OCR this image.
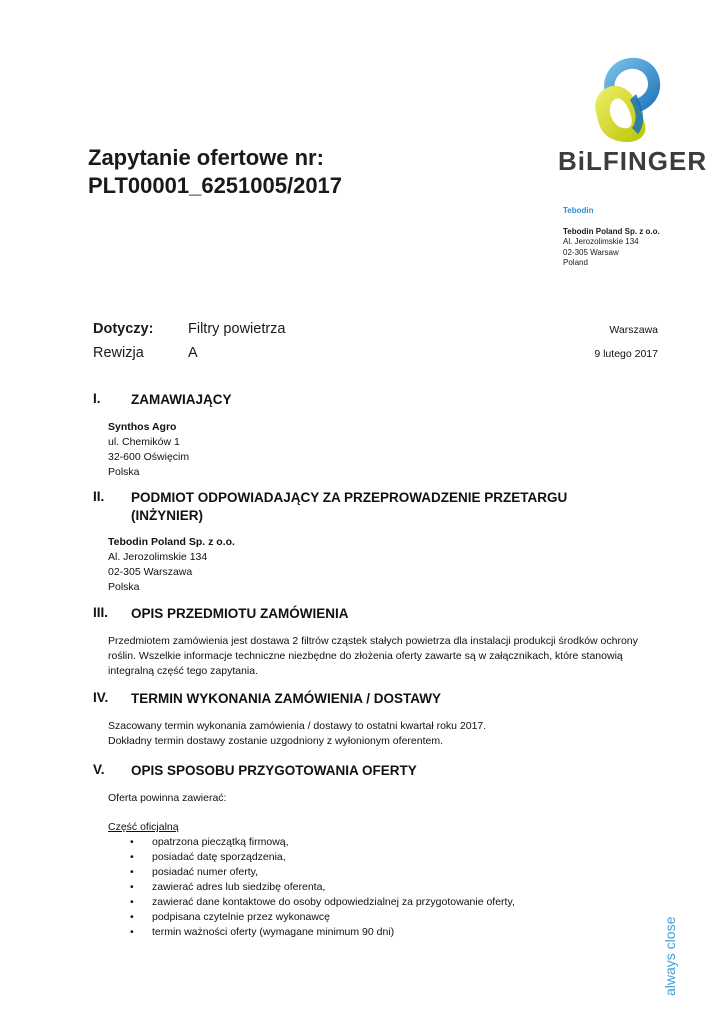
BiLFINGER
Zapytanie ofertowe nr:
PLT00001_6251005/2017
Tebodin
Tebodin Poland Sp. z o.o.
Al. Jerozolimskie 134
02-305 Warsaw
Poland
Dotyczy: Filtry powietrza	Warszawa
Rewizja	A	9 lutego 2017
I. ZAMAWIAJĄCY
Synthos Agro
ul. Chemików 1
32-600 Oświęcim
Polska
II. PODMIOT ODPOWIADAJĄCY ZA PRZEPROWADZENIE PRZETARGU (INŻYNIER)
Tebodin Poland Sp. z o.o.
Al. Jerozolimskie 134
02-305 Warszawa
Polska
III. OPIS PRZEDMIOTU ZAMÓWIENIA
Przedmiotem zamówienia jest dostawa 2 filtrów cząstek stałych powietrza dla instalacji produkcji środków ochrony roślin. Wszelkie informacje techniczne niezbędne do złożenia oferty zawarte są w załącznikach, które stanowią integralną część tego zapytania.
IV. TERMIN WYKONANIA ZAMÓWIENIA / DOSTAWY
Szacowany termin wykonania zamówienia / dostawy to ostatni kwartał roku 2017.
Dokładny termin dostawy zostanie uzgodniony z wyłonionym oferentem.
V. OPIS SPOSOBU PRZYGOTOWANIA OFERTY
Oferta powinna zawierać:
Część oficjalną
• opatrzona pieczątką firmową,
• posiadać datę sporządzenia,
• posiadać numer oferty,
• zawierać adres lub siedzibę oferenta,
• zawierać dane kontaktowe do osoby odpowiedzialnej za przygotowanie oferty,
• podpisana czytelnie przez wykonawcę
• termin ważności oferty (wymagane minimum 90 dni)	always close
